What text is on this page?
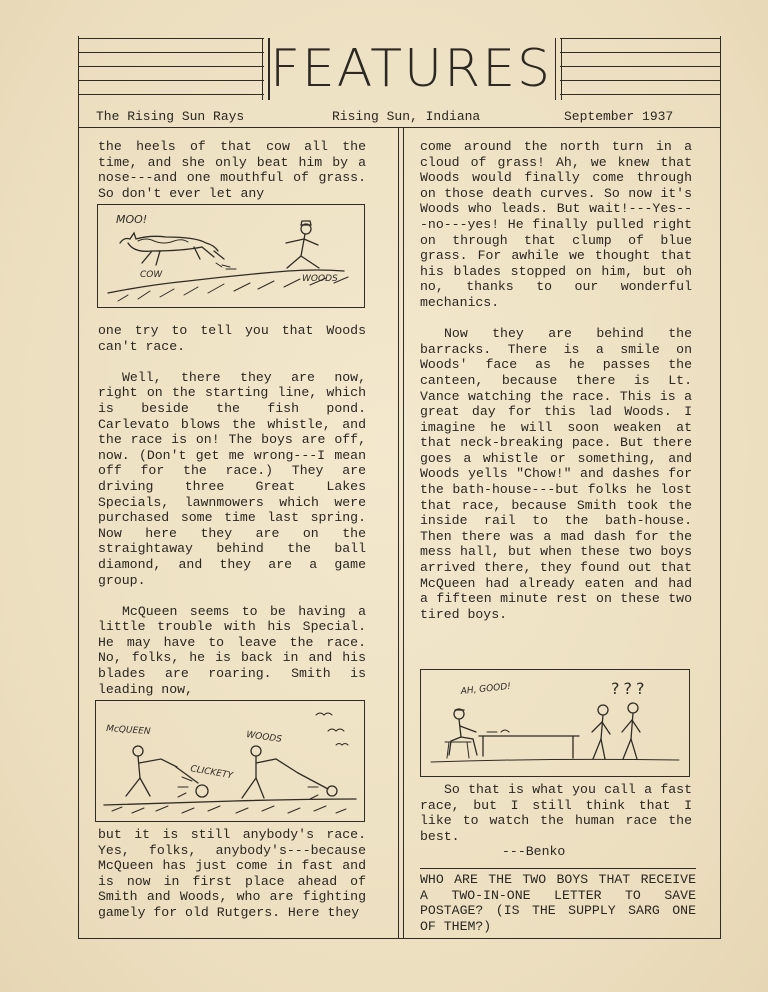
FEATURES
The Rising Sun Rays	Rising Sun, Indiana	September 1937

the heels of that cow all the time, and she only beat him by a nose---and one mouthful of grass. So don't ever let any

MOO!
COW	WOODS

one try to tell you that Woods can't race.

Well, there they are now, right on the starting line, which is beside the fish pond. Carlevato blows the whistle, and the race is on! The boys are off, now. (Don't get me wrong---I mean off for the race.) They are driving three Great Lakes Specials, lawnmowers which were purchased some time last spring. Now here they are on the straightaway behind the ball diamond, and they are a game group.

McQueen seems to be having a little trouble with his Special. He may have to leave the race. No, folks, he is back in and his blades are roaring. Smith is leading now,

McQUEEN	WOODS
CLICKETY

but it is still anybody's race. Yes, folks, anybody's---because McQueen has just come in fast and is now in first place ahead of Smith and Woods, who are fighting gamely for old Rutgers. Here they

come around the north turn in a cloud of grass! Ah, we knew that Woods would finally come through on those death curves. So now it's Woods who leads. But wait!---Yes---no---yes! He finally pulled right on through that clump of blue grass. For awhile we thought that his blades stopped on him, but oh no, thanks to our wonderful mechanics.

Now they are behind the barracks. There is a smile on Woods' face as he passes the canteen, because there is Lt. Vance watching the race. This is a great day for this lad Woods. I imagine he will soon weaken at that neck-breaking pace. But there goes a whistle or something, and Woods yells "Chow!" and dashes for the bath-house---but folks he lost that race, because Smith took the inside rail to the bath-house. Then there was a mad dash for the mess hall, but when these two boys arrived there, they found out that McQueen had already eaten and had a fifteen minute rest on these two tired boys.

AH, GOOD!	???

So that is what you call a fast race, but I still think that I like to watch the human race the best.

---Benko

WHO ARE THE TWO BOYS THAT RECEIVE A TWO-IN-ONE LETTER TO SAVE POSTAGE? (IS THE SUPPLY SARG ONE OF THEM?)
